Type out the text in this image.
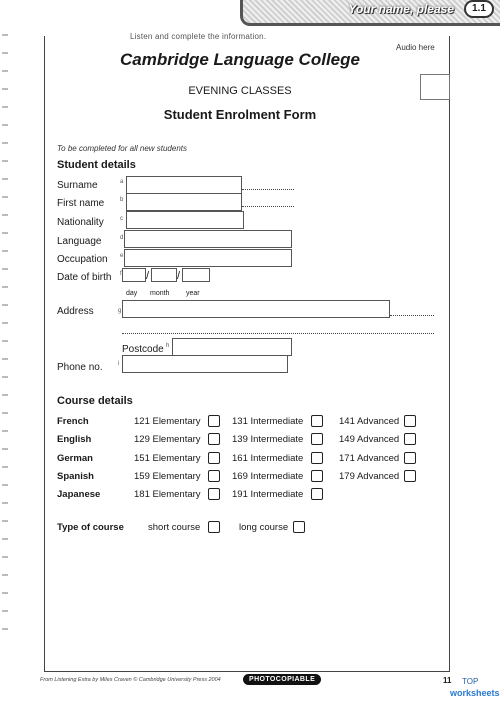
Your name, please	1.1
Listen and complete the information.
Audio here
Cambridge Language College
EVENING CLASSES
Student Enrolment Form
To be completed for all new students
Student details
Surname	a
First name	b
Nationality	c
Language	d
Occupation e
Date of birth f /	/
day month year
Address	g
Postcode h
Phone no.	i
Course details
French	121 Elementary	131 Intermediate	141 Advanced
English	129 Elementary	139 Intermediate	149 Advanced
German	151 Elementary	161 Intermediate	171 Advanced
Spanish	159 Elementary	169 Intermediate	179 Advanced
Japanese	181 Elementary	191 Intermediate
Type of course	short course	long course
From Listening Extra by Miles Craven © Cambridge University Press 2004	PHOTOCOPIABLE	11 TOP
worksheets
